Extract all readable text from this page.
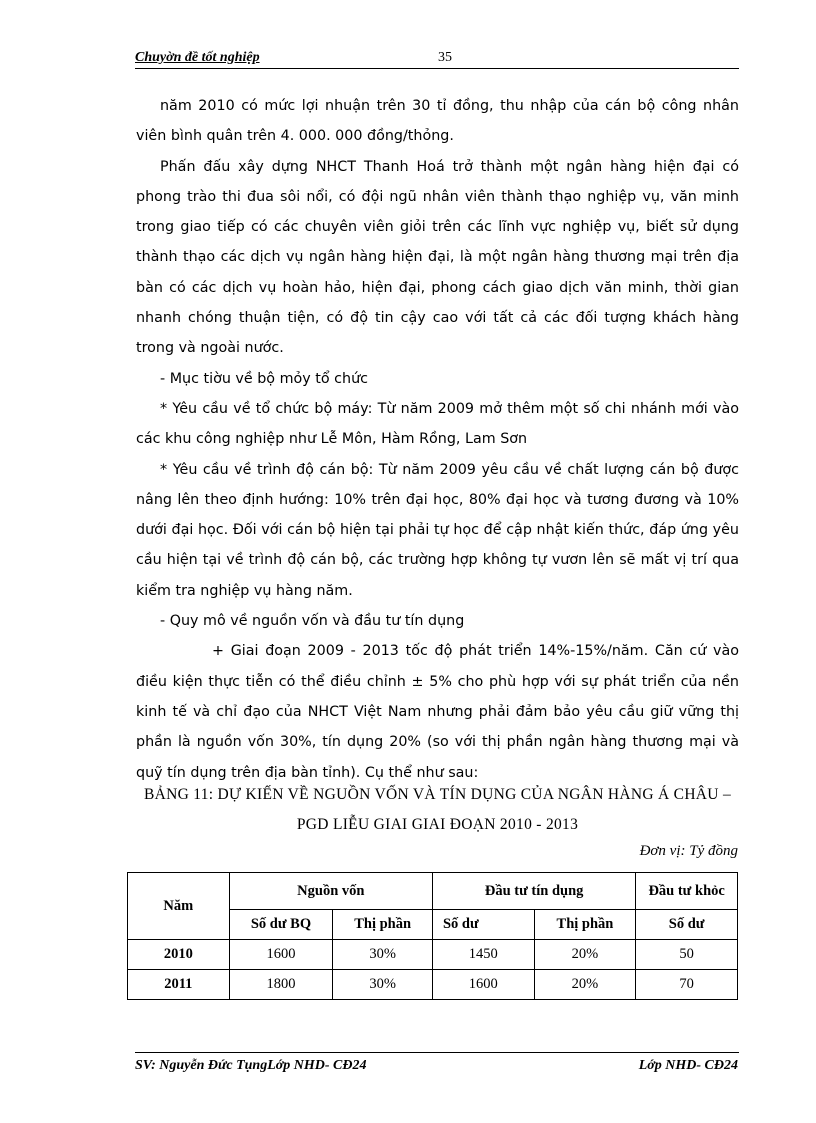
Chuyờn đề tốt nghiệp	35

năm 2010 có mức lợi nhuận trên 30 tỉ đồng, thu nhập của cán bộ công nhân viên bình quân trên 4. 000. 000 đồng/thỏng.

Phấn đấu xây dựng NHCT Thanh Hoá trở thành một ngân hàng hiện đại có phong trào thi đua sôi nổi, có đội ngũ nhân viên thành thạo nghiệp vụ, văn minh trong giao tiếp có các chuyên viên giỏi trên các lĩnh vực nghiệp vụ, biết sử dụng thành thạo các dịch vụ ngân hàng hiện đại, là một ngân hàng thương mại trên địa bàn có các dịch vụ hoàn hảo, hiện đại, phong cách giao dịch văn minh, thời gian nhanh chóng thuận tiện, có độ tin cậy cao với tất cả các đối tượng khách hàng trong và ngoài nước.

- Mục tiờu về bộ mỏy tổ chức

* Yêu cầu về tổ chức bộ máy: Từ năm 2009 mở thêm một số chi nhánh mới vào các khu công nghiệp như Lễ Môn, Hàm Rồng, Lam Sơn

* Yêu cầu về trình độ cán bộ: Từ năm 2009 yêu cầu về chất lượng cán bộ được nâng lên theo định hướng: 10% trên đại học, 80% đại học và tương đương và 10% dưới đại học. Đối với cán bộ hiện tại phải tự học để cập nhật kiến thức, đáp ứng yêu cầu hiện tại về trình độ cán bộ, các trường hợp không tự vươn lên sẽ mất vị trí qua kiểm tra nghiệp vụ hàng năm.

- Quy mô về nguồn vốn và đầu tư tín dụng

+ Giai đoạn 2009 - 2013 tốc độ phát triển 14%-15%/năm. Căn cứ vào điều kiện thực tiễn có thể điều chỉnh ± 5% cho phù hợp với sự phát triển của nền kinh tế và chỉ đạo của NHCT Việt Nam nhưng phải đảm bảo yêu cầu giữ vững thị phần là nguồn vốn 30%, tín dụng 20% (so với thị phần ngân hàng thương mại và quỹ tín dụng trên địa bàn tỉnh). Cụ thể như sau:

BẢNG 11: DỰ KIẾN VỀ NGUỒN VỐN VÀ TÍN DỤNG CỦA NGÂN HÀNG Á CHÂU – PGD LIỄU GIAI GIAI ĐOẠN 2010 - 2013
Đơn vị: Tỷ đồng
Năm	Nguồn vốn		Đầu tư tín dụng		Đầu tư khỏc
	Số dư BQ	Thị phần	Số dư	Thị phần	Số dư
2010	1600	30%	1450	20%	50
2011	1800	30%	1600	20%	70
SV: Nguyễn Đức TụngLớp NHD- CĐ24	Lớp NHD- CĐ24
